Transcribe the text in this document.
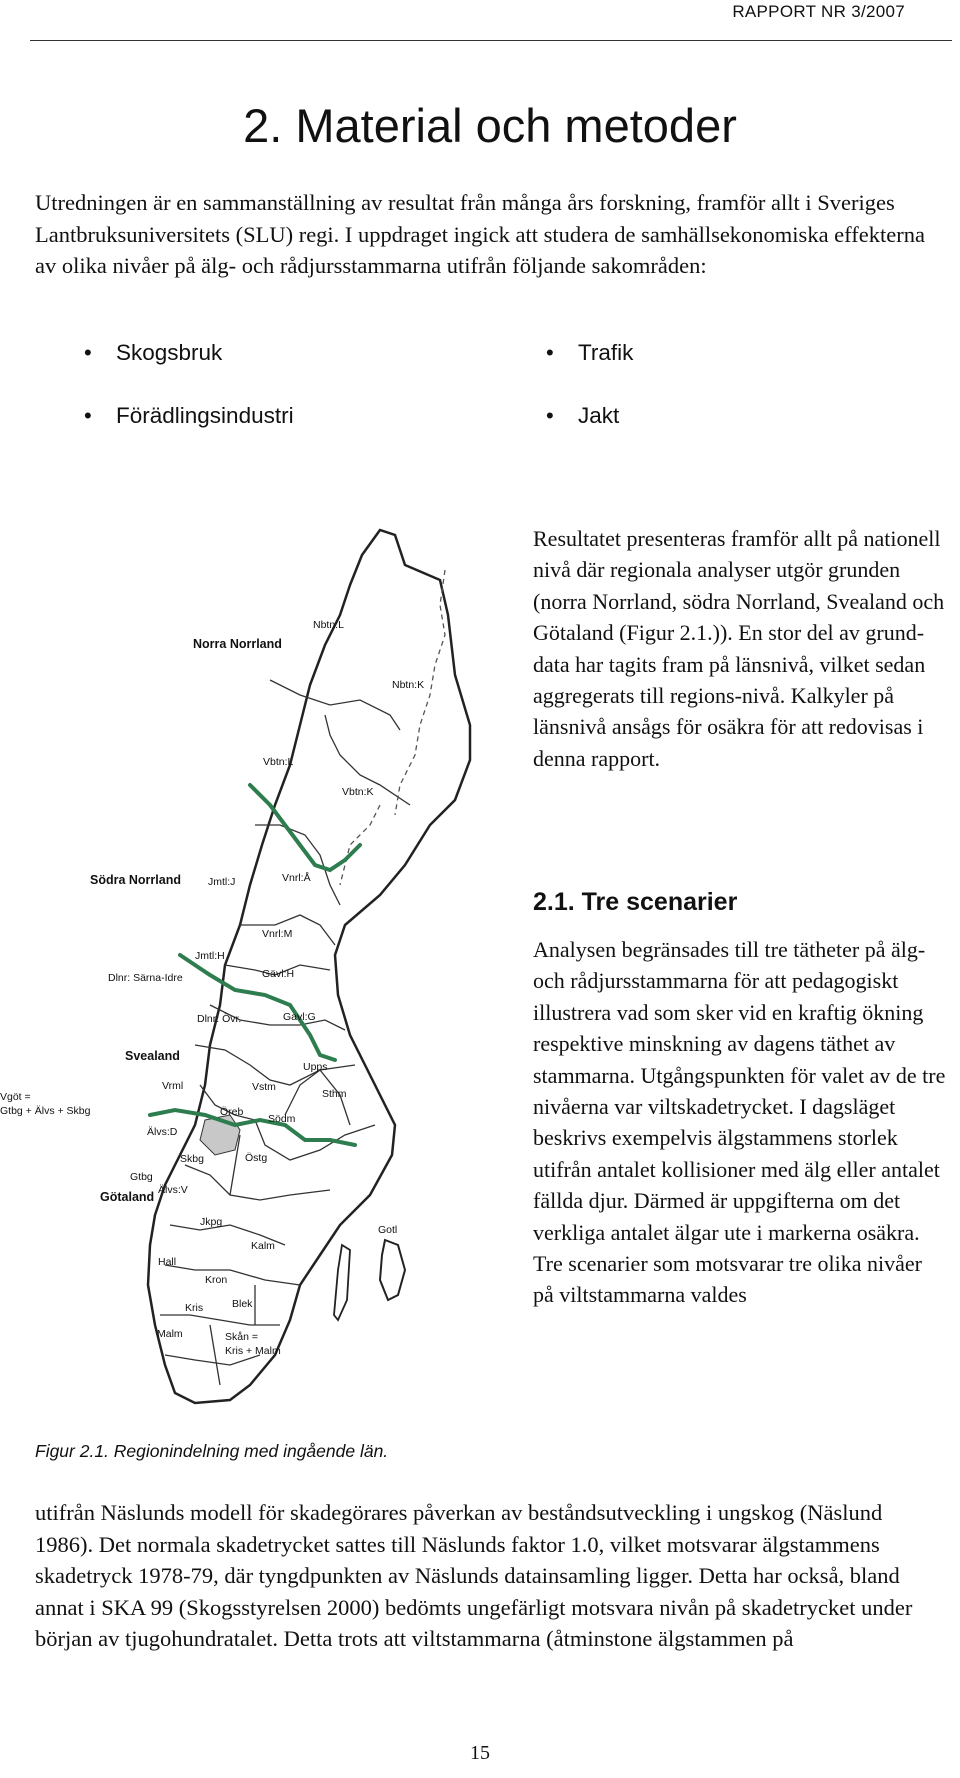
RAPPORT NR 3/2007
2. Material och metoder

Utredningen är en sammanställning av resultat från många års forskning, framför allt i Sveriges Lantbruksuniversitets (SLU) regi. I uppdraget ingick att studera de samhällsekonomiska effekterna av olika nivåer på älg- och rådjursstammarna utifrån följande sakområden:

• Skogsbruk	• Trafik
• Förädlingsindustri	• Jakt
Norra Norrland
Södra Norrland
Svealand
Götaland
Nbtn:L
Nbtn:K
Vbtn:L
Vbtn:K
Jmtl:J	Vnrl:Å
Vnrl:M
Jmtl:H
Gävl:H
Dlnr: Särna-Idre
Dlnr: Övr.	Gavl:G
Upps
Sthm
Vrml	Vstm
Öreb
Södm
Älvs:D
Skbg	Östg
Gtbg
Älvs:V
Jkpg
Gotl
Kalm
Hall
Kron
Kris	Blek
Malm
Vgöt =
Gtbg + Älvs + Skbg
Skån =
Kris + Malm

Resultatet presenteras framför allt på nationell nivå där regionala analyser utgör grunden (norra Norrland, södra Norrland, Svealand och Götaland (Figur 2.1.)). En stor del av grund-data har tagits fram på länsnivå, vilket sedan aggregerats till regions-nivå. Kalkyler på länsnivå ansågs för osäkra för att redovisas i denna rapport.

2.1. Tre scenarier

Analysen begränsades till tre tätheter på älg- och rådjursstammarna för att pedagogiskt illustrera vad som sker vid en kraftig ökning respektive minskning av dagens täthet av stammarna. Utgångspunkten för valet av de tre nivåerna var viltskadetrycket. I dagsläget beskrivs exempelvis älgstammens storlek utifrån antalet kollisioner med älg eller antalet fällda djur. Därmed är uppgifterna om det verkliga antalet älgar ute i markerna osäkra. Tre scenarier som motsvarar tre olika nivåer på viltstammarna valdes

Figur 2.1. Regionindelning med ingående län.

utifrån Näslunds modell för skadegörares påverkan av beståndsutveckling i ungskog (Näslund 1986). Det normala skadetrycket sattes till Näslunds faktor 1.0, vilket motsvarar älgstammens skadetryck 1978-79, där tyngdpunkten av Näslunds datainsamling ligger. Detta har också, bland annat i SKA 99 (Skogsstyrelsen 2000) bedömts ungefärligt motsvara nivån på skadetrycket under början av tjugohundratalet. Detta trots att viltstammarna (åtminstone älgstammen på

15
